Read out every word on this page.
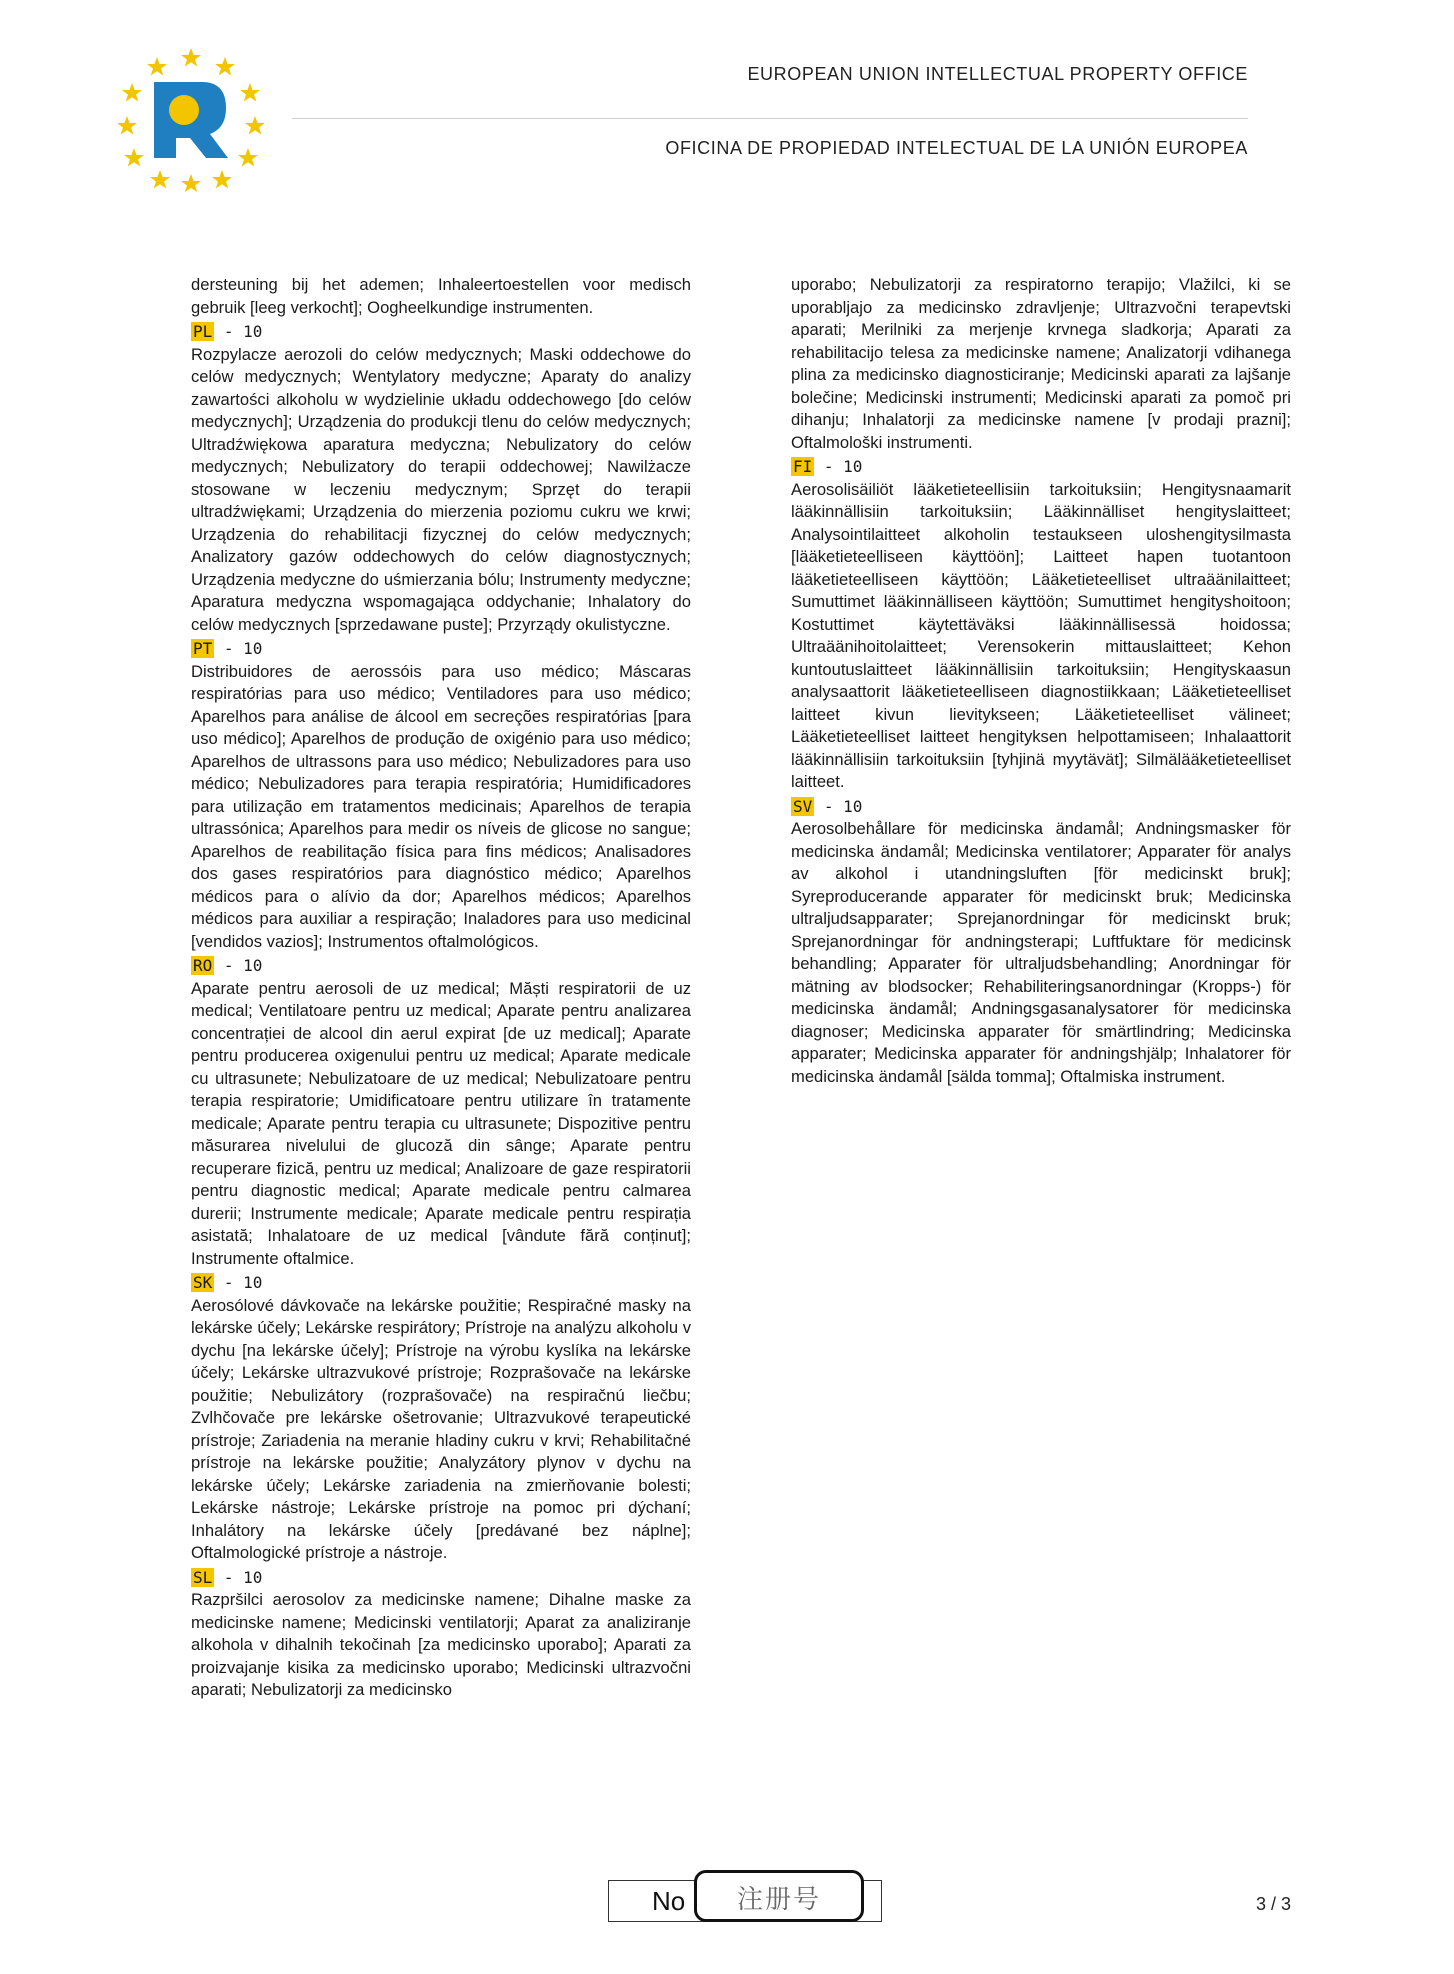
EUROPEAN UNION INTELLECTUAL PROPERTY OFFICE
OFICINA DE PROPIEDAD INTELECTUAL DE LA UNIÓN EUROPEA

dersteuning bij het ademen; Inhaleertoestellen voor medisch gebruik [leeg verkocht]; Oogheelkundige instrumenten.

PL - 10

Rozpylacze aerozoli do celów medycznych; Maski oddechowe do celów medycznych; Wentylatory medyczne; Aparaty do analizy zawartości alkoholu w wydzielinie układu oddechowego [do celów medycznych]; Urządzenia do produkcji tlenu do celów medycznych; Ultradźwiękowa aparatura medyczna; Nebulizatory do celów medycznych; Nebulizatory do terapii oddechowej; Nawilżacze stosowane w leczeniu medycznym; Sprzęt do terapii ultradźwiękami; Urządzenia do mierzenia poziomu cukru we krwi; Urządzenia do rehabilitacji fizycznej do celów medycznych; Analizatory gazów oddechowych do celów diagnostycznych; Urządzenia medyczne do uśmierzania bólu; Instrumenty medyczne; Aparatura medyczna wspomagająca oddychanie; Inhalatory do celów medycznych [sprzedawane puste]; Przyrządy okulistyczne.

PT - 10

Distribuidores de aerossóis para uso médico; Máscaras respiratórias para uso médico; Ventiladores para uso médico; Aparelhos para análise de álcool em secreções respiratórias [para uso médico]; Aparelhos de produção de oxigénio para uso médico; Aparelhos de ultrassons para uso médico; Nebulizadores para uso médico; Nebulizadores para terapia respiratória; Humidificadores para utilização em tratamentos medicinais; Aparelhos de terapia ultrassónica; Aparelhos para medir os níveis de glicose no sangue; Aparelhos de reabilitação física para fins médicos; Analisadores dos gases respiratórios para diagnóstico médico; Aparelhos médicos para o alívio da dor; Aparelhos médicos; Aparelhos médicos para auxiliar a respiração; Inaladores para uso medicinal [vendidos vazios]; Instrumentos oftalmológicos.

RO - 10

Aparate pentru aerosoli de uz medical; Măști respiratorii de uz medical; Ventilatoare pentru uz medical; Aparate pentru analizarea concentrației de alcool din aerul expirat [de uz medical]; Aparate pentru producerea oxigenului pentru uz medical; Aparate medicale cu ultrasunete; Nebulizatoare de uz medical; Nebulizatoare pentru terapia respiratorie; Umidificatoare pentru utilizare în tratamente medicale; Aparate pentru terapia cu ultrasunete; Dispozitive pentru măsurarea nivelului de glucoză din sânge; Aparate pentru recuperare fizică, pentru uz medical; Analizoare de gaze respiratorii pentru diagnostic medical; Aparate medicale pentru calmarea durerii; Instrumente medicale; Aparate medicale pentru respirația asistată; Inhalatoare de uz medical [vândute fără conținut]; Instrumente oftalmice.

SK - 10

Aerosólové dávkovače na lekárske použitie; Respiračné masky na lekárske účely; Lekárske respirátory; Prístroje na analýzu alkoholu v dychu [na lekárske účely]; Prístroje na výrobu kyslíka na lekárske účely; Lekárske ultrazvukové prístroje; Rozprašovače na lekárske použitie; Nebulizátory (rozprašovače) na respiračnú liečbu; Zvlhčovače pre lekárske ošetrovanie; Ultrazvukové terapeutické prístroje; Zariadenia na meranie hladiny cukru v krvi; Rehabilitačné prístroje na lekárske použitie; Analyzátory plynov v dychu na lekárske účely; Lekárske zariadenia na zmierňovanie bolesti; Lekárske nástroje; Lekárske prístroje na pomoc pri dýchaní; Inhalátory na lekárske účely [predávané bez náplne]; Oftalmologické prístroje a nástroje.

SL - 10

Razpršilci aerosolov za medicinske namene; Dihalne maske za medicinske namene; Medicinski ventilatorji; Aparat za analiziranje alkohola v dihalnih tekočinah [za medicinsko uporabo]; Aparati za proizvajanje kisika za medicinsko uporabo; Medicinski ultrazvočni aparati; Nebulizatorji za medicinsko

uporabo; Nebulizatorji za respiratorno terapijo; Vlažilci, ki se uporabljajo za medicinsko zdravljenje; Ultrazvočni terapevtski aparati; Merilniki za merjenje krvnega sladkorja; Aparati za rehabilitacijo telesa za medicinske namene; Analizatorji vdihanega plina za medicinsko diagnosticiranje; Medicinski aparati za lajšanje bolečine; Medicinski instrumenti; Medicinski aparati za pomoč pri dihanju; Inhalatorji za medicinske namene [v prodaji prazni]; Oftalmološki instrumenti.

FI - 10

Aerosolisäiliöt lääketieteellisiin tarkoituksiin; Hengitysnaamarit lääkinnällisiin tarkoituksiin; Lääkinnälliset hengityslaitteet; Analysointilaitteet alkoholin testaukseen uloshengitysilmasta [lääketieteelliseen käyttöön]; Laitteet hapen tuotantoon lääketieteelliseen käyttöön; Lääketieteelliset ultraäänilaitteet; Sumuttimet lääkinnälliseen käyttöön; Sumuttimet hengityshoitoon; Kostuttimet käytettäväksi lääkinnällisessä hoidossa; Ultraäänihoitolaitteet; Verensokerin mittauslaitteet; Kehon kuntoutuslaitteet lääkinnällisiin tarkoituksiin; Hengityskaasun analysaattorit lääketieteelliseen diagnostiikkaan; Lääketieteelliset laitteet kivun lievitykseen; Lääketieteelliset välineet; Lääketieteelliset laitteet hengityksen helpottamiseen; Inhalaattorit lääkinnällisiin tarkoituksiin [tyhjinä myytävät]; Silmälääketieteelliset laitteet.

SV - 10

Aerosolbehållare för medicinska ändamål; Andningsmasker för medicinska ändamål; Medicinska ventilatorer; Apparater för analys av alkohol i utandningsluften [för medicinskt bruk]; Syreproducerande apparater för medicinskt bruk; Medicinska ultraljudsapparater; Sprejanordningar för medicinskt bruk; Sprejanordningar för andningsterapi; Luftfuktare för medicinsk behandling; Apparater för ultraljudsbehandling; Anordningar för mätning av blodsocker; Rehabiliteringsanordningar (Kropps-) för medicinska ändamål; Andningsgasanalysatorer för medicinska diagnoser; Medicinska apparater för smärtlindring; Medicinska apparater; Medicinska apparater för andningshjälp; Inhalatorer för medicinska ändamål [sälda tomma]; Oftalmiska instrument.

No	注册号	3 / 3
